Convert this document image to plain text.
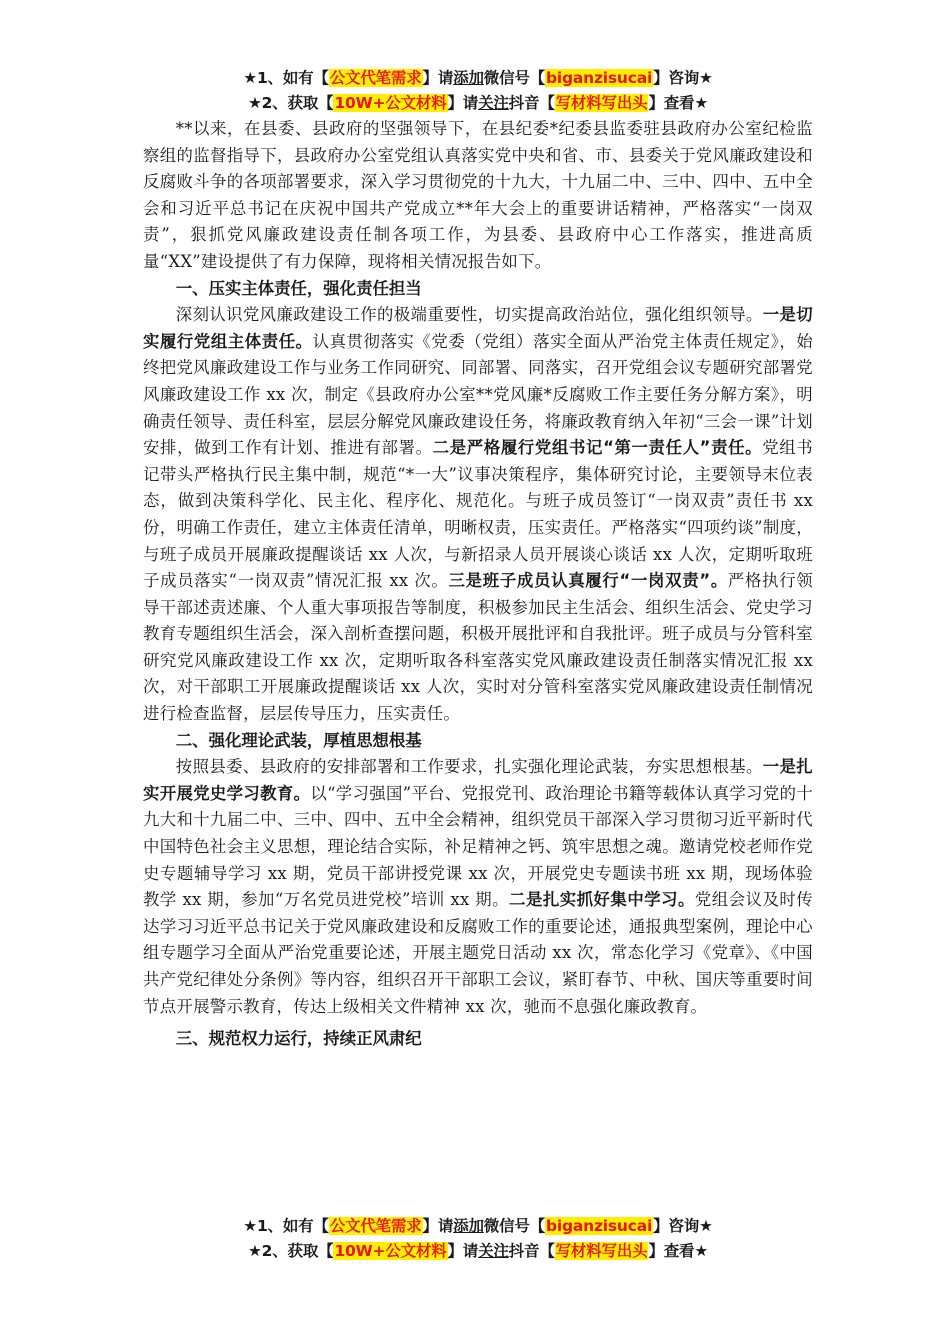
★1、如有【公文代笔需求】请添加微信号【biganzisucai】咨询★
★2、获取【10W+公文材料】请关注抖音【写材料写出头】查看★

**以来，在县委、县政府的坚强领导下，在县纪委*纪委县监委驻县政府办公室纪检监察组的监督指导下，县政府办公室党组认真落实党中央和省、市、县委关于党风廉政建设和反腐败斗争的各项部署要求，深入学习贯彻党的十九大，十九届二中、三中、四中、五中全会和习近平总书记在庆祝中国共产党成立**年大会上的重要讲话精神，严格落实“一岗双责”，狠抓党风廉政建设责任制各项工作，为县委、县政府中心工作落实，推进高质量“XX”建设提供了有力保障，现将相关情况报告如下。

一、压实主体责任，强化责任担当

深刻认识党风廉政建设工作的极端重要性，切实提高政治站位，强化组织领导。一是切实履行党组主体责任。认真贯彻落实《党委（党组）落实全面从严治党主体责任规定》，始终把党风廉政建设工作与业务工作同研究、同部署、同落实，召开党组会议专题研究部署党风廉政建设工作 xx 次，制定《县政府办公室**党风廉*反腐败工作主要任务分解方案》，明确责任领导、责任科室，层层分解党风廉政建设任务，将廉政教育纳入年初“三会一课”计划安排，做到工作有计划、推进有部署。二是严格履行党组书记“第一责任人”责任。党组书记带头严格执行民主集中制，规范“*一大”议事决策程序，集体研究讨论，主要领导末位表态，做到决策科学化、民主化、程序化、规范化。与班子成员签订“一岗双责”责任书 xx 份，明确工作责任，建立主体责任清单，明晰权责，压实责任。严格落实“四项约谈”制度，与班子成员开展廉政提醒谈话 xx 人次，与新招录人员开展谈心谈话 xx 人次，定期听取班子成员落实“一岗双责”情况汇报 xx 次。三是班子成员认真履行“一岗双责”。严格执行领导干部述责述廉、个人重大事项报告等制度，积极参加民主生活会、组织生活会、党史学习教育专题组织生活会，深入剖析查摆问题，积极开展批评和自我批评。班子成员与分管科室研究党风廉政建设工作 xx 次，定期听取各科室落实党风廉政建设责任制落实情况汇报 xx 次，对干部职工开展廉政提醒谈话 xx 人次，实时对分管科室落实党风廉政建设责任制情况进行检查监督，层层传导压力，压实责任。

二、强化理论武装，厚植思想根基

按照县委、县政府的安排部署和工作要求，扎实强化理论武装，夯实思想根基。一是扎实开展党史学习教育。以“学习强国”平台、党报党刊、政治理论书籍等载体认真学习党的十九大和十九届二中、三中、四中、五中全会精神，组织党员干部深入学习贯彻习近平新时代中国特色社会主义思想，理论结合实际，补足精神之钙、筑牢思想之魂。邀请党校老师作党史专题辅导学习 xx 期，党员干部讲授党课 xx 次，开展党史专题读书班 xx 期，现场体验教学 xx 期，参加“万名党员进党校”培训 xx 期。二是扎实抓好集中学习。党组会议及时传达学习习近平总书记关于党风廉政建设和反腐败工作的重要论述，通报典型案例，理论中心组专题学习全面从严治党重要论述，开展主题党日活动 xx 次，常态化学习《党章》、《中国共产党纪律处分条例》等内容，组织召开干部职工会议，紧盯春节、中秋、国庆等重要时间节点开展警示教育，传达上级相关文件精神 xx 次，驰而不息强化廉政教育。

三、规范权力运行，持续正风肃纪

★1、如有【公文代笔需求】请添加微信号【biganzisucai】咨询★
★2、获取【10W+公文材料】请关注抖音【写材料写出头】查看★
